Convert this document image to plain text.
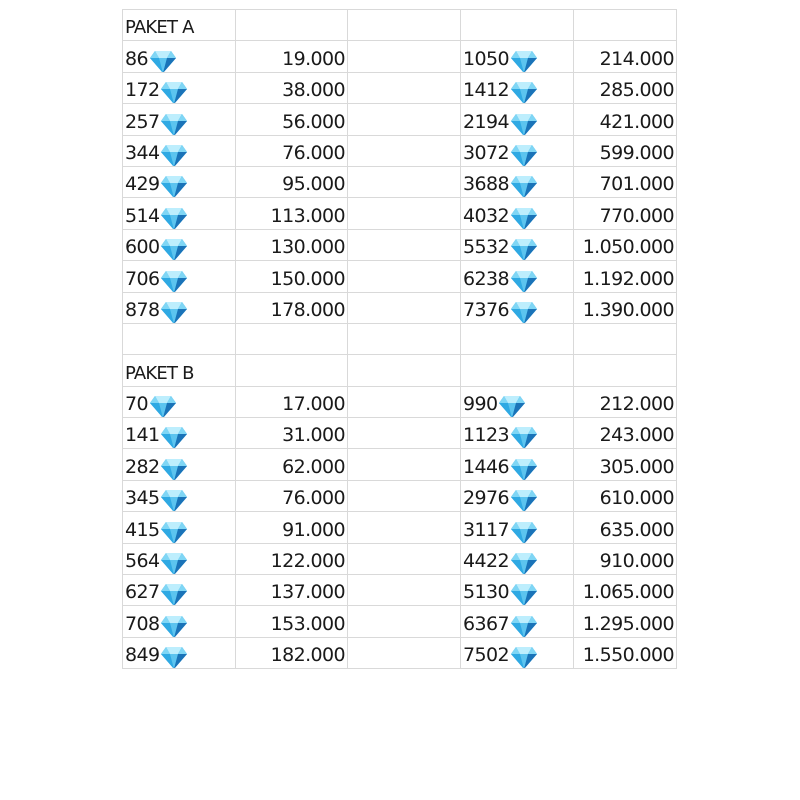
PAKET A
86	19.000	1050	214.000
172	38.000	1412	285.000
257	56.000	2194	421.000
344	76.000	3072	599.000
429	95.000	3688	701.000
514	113.000	4032	770.000
600	130.000	5532	1.050.000
706	150.000	6238	1.192.000
878	178.000	7376	1.390.000
PAKET B
70	17.000	990	212.000
141	31.000	1123	243.000
282	62.000	1446	305.000
345	76.000	2976	610.000
415	91.000	3117	635.000
564	122.000	4422	910.000
627	137.000	5130	1.065.000
708	153.000	6367	1.295.000
849	182.000	7502	1.550.000
